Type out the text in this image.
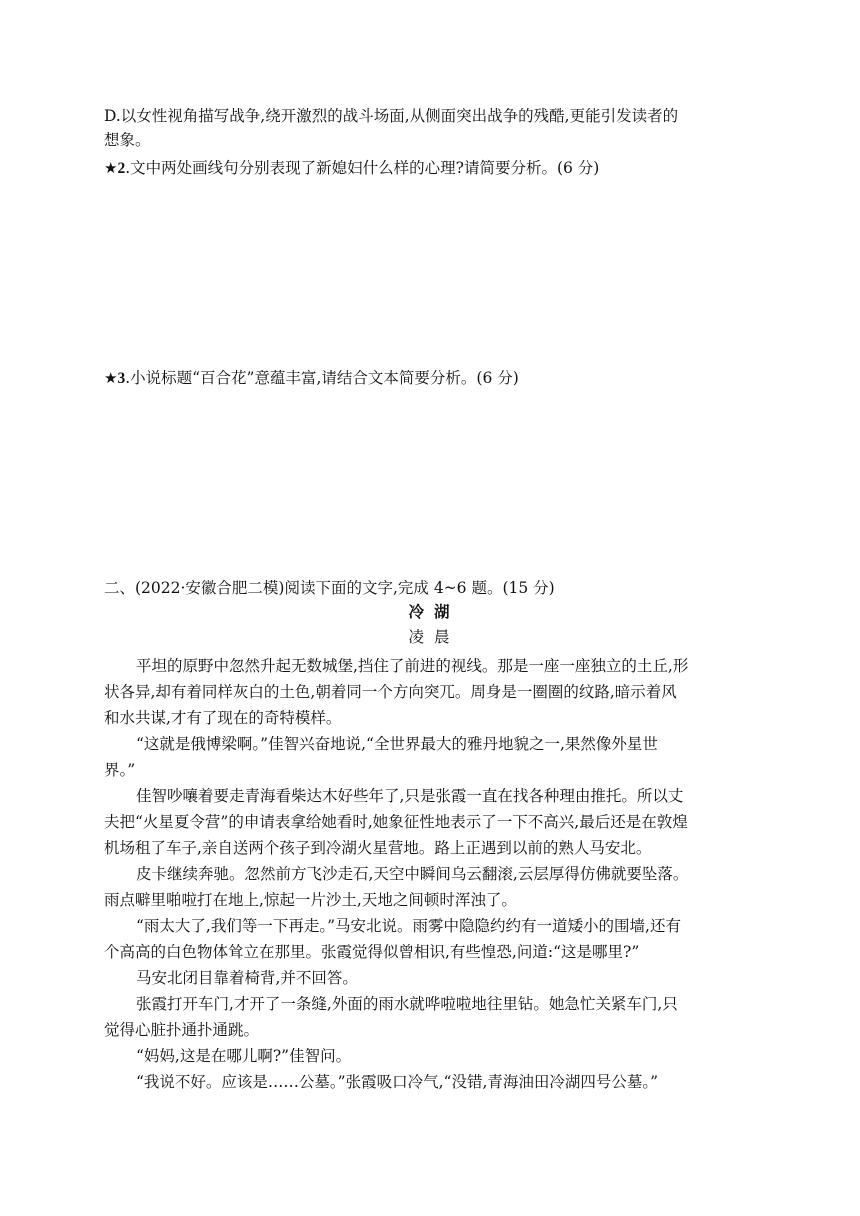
D.以女性视角描写战争,绕开激烈的战斗场面,从侧面突出战争的残酷,更能引发读者的
想象。
★2.文中两处画线句分别表现了新媳妇什么样的心理?请简要分析。(6 分)
★3.小说标题“百合花”意蕴丰富,请结合文本简要分析。(6 分)
二、(2022·安徽合肥二模)阅读下面的文字,完成 4~6 题。(15 分)
冷湖
凌晨
平坦的原野中忽然升起无数城堡,挡住了前进的视线。那是一座一座独立的土丘,形
状各异,却有着同样灰白的土色,朝着同一个方向突兀。周身是一圈圈的纹路,暗示着风
和水共谋,才有了现在的奇特模样。
“这就是俄博梁啊。”佳智兴奋地说,“全世界最大的雅丹地貌之一,果然像外星世
界。”
佳智吵嚷着要走青海看柴达木好些年了,只是张霞一直在找各种理由推托。所以丈
夫把“火星夏令营”的申请表拿给她看时,她象征性地表示了一下不高兴,最后还是在敦煌
机场租了车子,亲自送两个孩子到冷湖火星营地。路上正遇到以前的熟人马安北。
皮卡继续奔驰。忽然前方飞沙走石,天空中瞬间乌云翻滚,云层厚得仿佛就要坠落。
雨点噼里啪啦打在地上,惊起一片沙土,天地之间顿时浑浊了。
“雨太大了,我们等一下再走。”马安北说。雨雾中隐隐约约有一道矮小的围墙,还有
个高高的白色物体耸立在那里。张霞觉得似曾相识,有些惶恐,问道:“这是哪里?”
马安北闭目靠着椅背,并不回答。
张霞打开车门,才开了一条缝,外面的雨水就哗啦啦地往里钻。她急忙关紧车门,只
觉得心脏扑通扑通跳。
“妈妈,这是在哪儿啊?”佳智问。
“我说不好。应该是……公墓。”张霞吸口冷气,“没错,青海油田冷湖四号公墓。”
